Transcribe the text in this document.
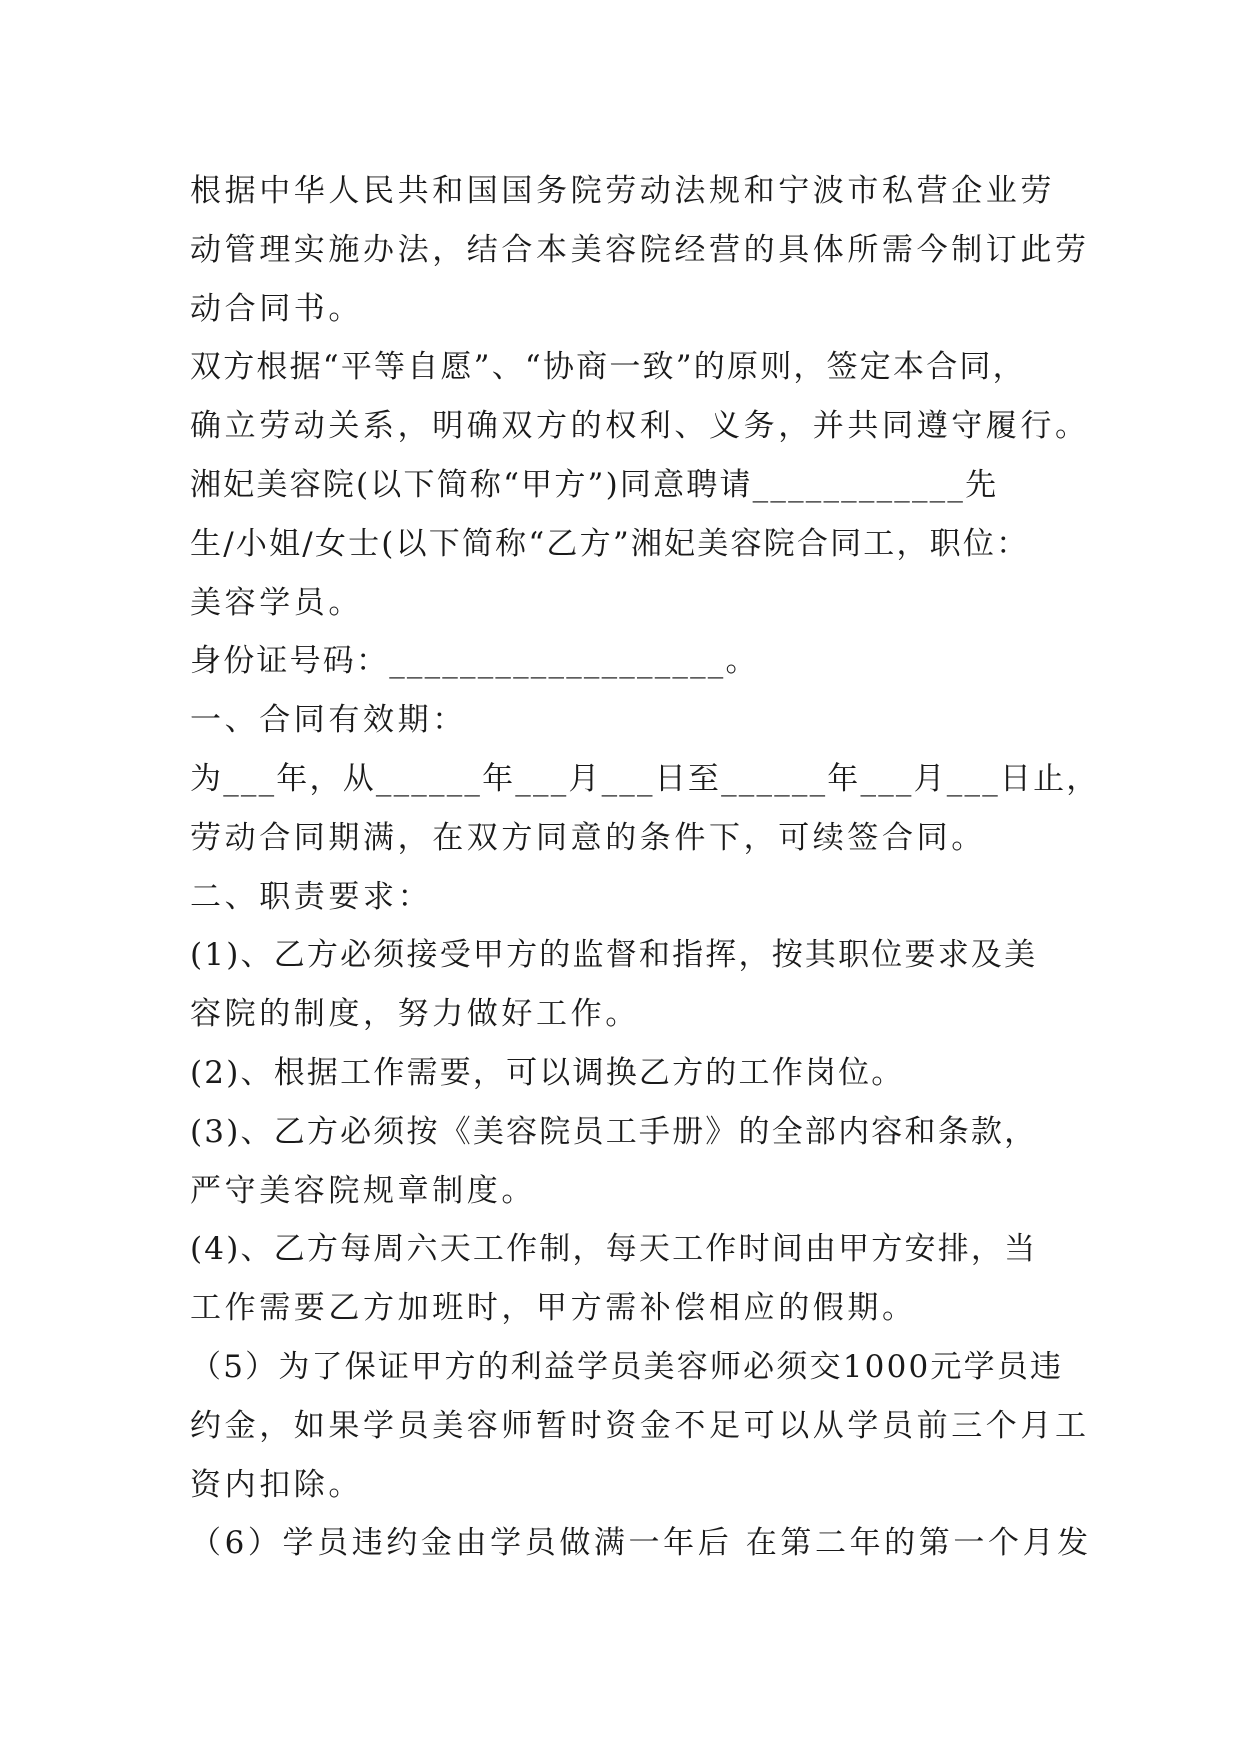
根据中华人民共和国国务院劳动法规和宁波市私营企业劳
动管理实施办法，结合本美容院经营的具体所需今制订此劳
动合同书。
双方根据“平等自愿”、“协商一致”的原则，签定本合同，
确立劳动关系，明确双方的权利、义务，并共同遵守履行。
湘妃美容院(以下简称“甲方”)同意聘请____________先
生/小姐/女士(以下简称“乙方”湘妃美容院合同工，职位：
美容学员。
身份证号码：___________________。
一、合同有效期：
为___年，从______年___月___日至______年___月___日止，
劳动合同期满，在双方同意的条件下，可续签合同。
二、职责要求：
(1)、乙方必须接受甲方的监督和指挥，按其职位要求及美
容院的制度，努力做好工作。
(2)、根据工作需要，可以调换乙方的工作岗位。
(3)、乙方必须按《美容院员工手册》的全部内容和条款，
严守美容院规章制度。
(4)、乙方每周六天工作制，每天工作时间由甲方安排，当
工作需要乙方加班时，甲方需补偿相应的假期。
（5）为了保证甲方的利益学员美容师必须交1000元学员违
约金，如果学员美容师暂时资金不足可以从学员前三个月工
资内扣除。
（6）学员违约金由学员做满一年后 在第二年的第一个月发
